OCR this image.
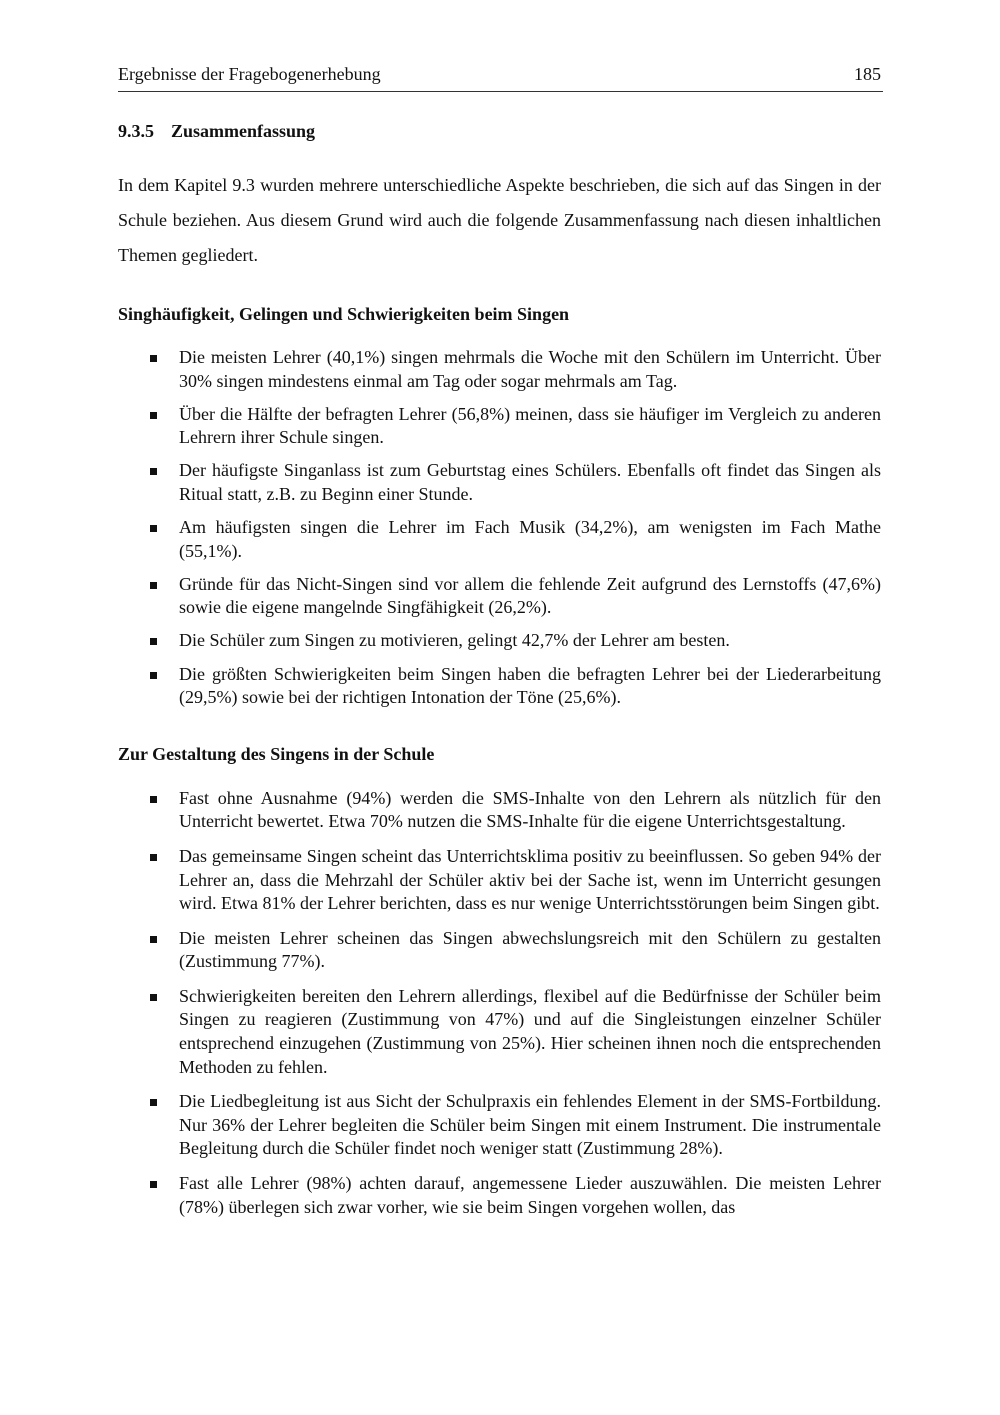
Ergebnisse der Fragebogenerhebung	185
9.3.5 Zusammenfassung

In dem Kapitel 9.3 wurden mehrere unterschiedliche Aspekte beschrieben, die sich auf das Singen in der Schule beziehen. Aus diesem Grund wird auch die folgende Zusammenfassung nach diesen inhaltlichen Themen gegliedert.

Singhäufigkeit, Gelingen und Schwierigkeiten beim Singen
Die meisten Lehrer (40,1%) singen mehrmals die Woche mit den Schülern im Unterricht. Über 30% singen mindestens einmal am Tag oder sogar mehrmals am Tag.
Über die Hälfte der befragten Lehrer (56,8%) meinen, dass sie häufiger im Vergleich zu anderen Lehrern ihrer Schule singen.
Der häufigste Singanlass ist zum Geburtstag eines Schülers. Ebenfalls oft findet das Singen als Ritual statt, z.B. zu Beginn einer Stunde.
Am häufigsten singen die Lehrer im Fach Musik (34,2%), am wenigsten im Fach Mathe (55,1%).
Gründe für das Nicht-Singen sind vor allem die fehlende Zeit aufgrund des Lernstoffs (47,6%) sowie die eigene mangelnde Singfähigkeit (26,2%).
Die Schüler zum Singen zu motivieren, gelingt 42,7% der Lehrer am besten.
Die größten Schwierigkeiten beim Singen haben die befragten Lehrer bei der Liederarbeitung (29,5%) sowie bei der richtigen Intonation der Töne (25,6%).
Zur Gestaltung des Singens in der Schule
Fast ohne Ausnahme (94%) werden die SMS-Inhalte von den Lehrern als nützlich für den Unterricht bewertet. Etwa 70% nutzen die SMS-Inhalte für die eigene Unterrichtsgestaltung.
Das gemeinsame Singen scheint das Unterrichtsklima positiv zu beeinflussen. So geben 94% der Lehrer an, dass die Mehrzahl der Schüler aktiv bei der Sache ist, wenn im Unterricht gesungen wird. Etwa 81% der Lehrer berichten, dass es nur wenige Unterrichtsstörungen beim Singen gibt.
Die meisten Lehrer scheinen das Singen abwechslungsreich mit den Schülern zu gestalten (Zustimmung 77%).
Schwierigkeiten bereiten den Lehrern allerdings, flexibel auf die Bedürfnisse der Schüler beim Singen zu reagieren (Zustimmung von 47%) und auf die Singleistungen einzelner Schüler entsprechend einzugehen (Zustimmung von 25%). Hier scheinen ihnen noch die entsprechenden Methoden zu fehlen.
Die Liedbegleitung ist aus Sicht der Schulpraxis ein fehlendes Element in der SMS-Fortbildung. Nur 36% der Lehrer begleiten die Schüler beim Singen mit einem Instrument. Die instrumentale Begleitung durch die Schüler findet noch weniger statt (Zustimmung 28%).
Fast alle Lehrer (98%) achten darauf, angemessene Lieder auszuwählen. Die meisten Lehrer (78%) überlegen sich zwar vorher, wie sie beim Singen vorgehen wollen, das
